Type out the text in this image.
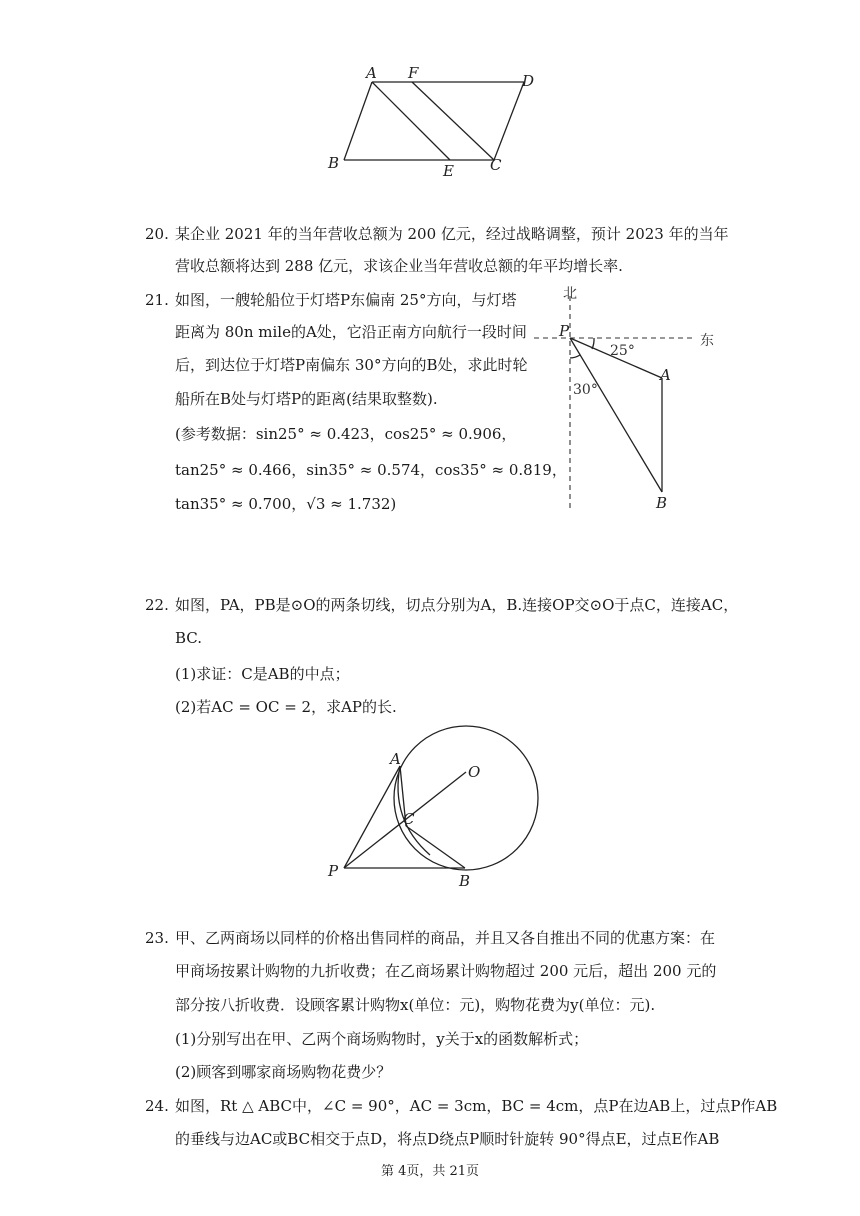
A F	D
B	E C
20. 某企业 2021 年的当年营收总额为 200 亿元，经过战略调整，预计 2023 年的当年
营收总额将达到 288 亿元，求该企业当年营收总额的年平均增长率.
21. 如图，一艘轮船位于灯塔P东偏南 25°方向，与灯塔
距离为 80n mile的A处，它沿正南方向航行一段时间
后，到达位于灯塔P南偏东 30°方向的B处，求此时轮
船所在B处与灯塔P的距离(结果取整数).
(参考数据：sin25° ≈ 0.423，cos25° ≈ 0.906，
tan25° ≈ 0.466，sin35° ≈ 0.574，cos35° ≈ 0.819，
tan35° ≈ 0.700，√3 ≈ 1.732)
北
东
25°
30°
P
A
B
22. 如图，PA，PB是⊙O的两条切线，切点分别为A，B.连接OP交⊙O于点C，连接AC，
BC.
(1)求证：C是AB的中点；
(2)若AC = OC = 2，求AP的长.
A
O
C
P
B
23. 甲、乙两商场以同样的价格出售同样的商品，并且又各自推出不同的优惠方案：在
甲商场按累计购物的九折收费；在乙商场累计购物超过 200 元后，超出 200 元的
部分按八折收费．设顾客累计购物x(单位：元)，购物花费为y(单位：元).
(1)分别写出在甲、乙两个商场购物时，y关于x的函数解析式；
(2)顾客到哪家商场购物花费少？
24. 如图，Rt △ ABC中，∠C = 90°，AC = 3cm，BC = 4cm，点P在边AB上，过点P作AB
的垂线与边AC或BC相交于点D，将点D绕点P顺时针旋转 90°得点E，过点E作AB
第 4页，共 21页
